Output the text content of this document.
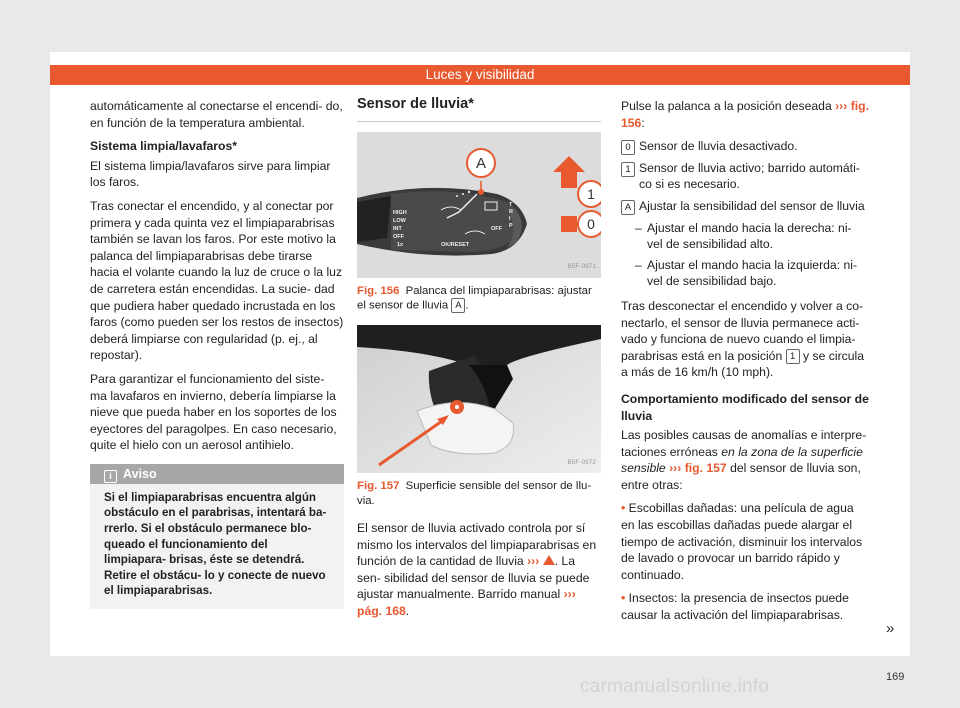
Luces y visibilidad

automáticamente al conectarse el encendi- do, en función de la temperatura ambiental.

Sistema limpia/lavafaros*

El sistema limpia/lavafaros sirve para limpiar los faros.

Tras conectar el encendido, y al conectar por primera y cada quinta vez el limpiaparabrisas también se lavan los faros. Por este motivo la palanca del limpiaparabrisas debe tirarse hacia el volante cuando la luz de cruce o la luz de carretera están encendidas. La sucie- dad que pudiera haber quedado incrustada en los faros (como pueden ser los restos de insectos) deberá limpiarse con regularidad (p. ej., al repostar).

Para garantizar el funcionamiento del siste- ma lavafaros en invierno, debería limpiarse la nieve que pueda haber en los soportes de los eyectores del paragolpes. En caso necesario, quite el hielo con un aerosol antihielo.

i Aviso
Si el limpiaparabrisas encuentra algún obstáculo en el parabrisas, intentará ba- rrerlo. Si el obstáculo permanece blo- queado el funcionamiento del limpiapara- brisas, éste se detendrá. Retire el obstácu- lo y conecte de nuevo el limpiaparabrisas.
Sensor de lluvia*
A
1
0
HIGH
LOW
INT
OFF
1x	OK/RESET
OFF
T
R
I
P
B5F-0971

Fig. 156 Palanca del limpiaparabrisas: ajustar el sensor de lluvia A .

B5F-0972

Fig. 157 Superficie sensible del sensor de llu- via.

El sensor de lluvia activado controla por sí mismo los intervalos del limpiaparabrisas en función de la cantidad de lluvia ››› . La sen- sibilidad del sensor de lluvia se puede ajustar manualmente. Barrido manual ››› pág. 168.

Pulse la palanca a la posición deseada ››› fig. 156:

0 Sensor de lluvia desactivado.
1 Sensor de lluvia activo; barrido automáti- co si es necesario.
A Ajustar la sensibilidad del sensor de lluvia
– Ajustar el mando hacia la derecha: ni- vel de sensibilidad alto.
– Ajustar el mando hacia la izquierda: ni- vel de sensibilidad bajo.

Tras desconectar el encendido y volver a co- nectarlo, el sensor de lluvia permanece acti- vado y funciona de nuevo cuando el limpia- parabrisas está en la posición 1 y se circula a más de 16 km/h (10 mph).

Comportamiento modificado del sensor de lluvia

Las posibles causas de anomalías e interpre- taciones erróneas en la zona de la superficie sensible ››› fig. 157 del sensor de lluvia son, entre otras:

• Escobillas dañadas: una película de agua en las escobillas dañadas puede alargar el tiempo de activación, disminuir los intervalos de lavado o provocar un barrido rápido y continuado.
• Insectos: la presencia de insectos puede causar la activación del limpiaparabrisas.
»
169
carmanualsonline.info
